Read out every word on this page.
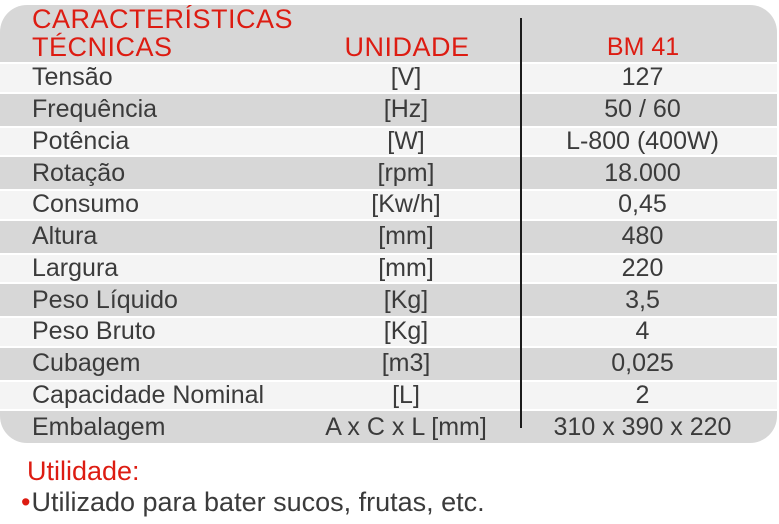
CARACTERÍSTICAS
TÉCNICAS	UNIDADE	BM 41
Tensão	[V]	127
Frequência	[Hz]	50 / 60
Potência	[W]	L-800 (400W)
Rotação	[rpm]	18.000
Consumo	[Kw/h]	0,45
Altura	[mm]	480
Largura	[mm]	220
Peso Líquido	[Kg]	3,5
Peso Bruto	[Kg]	4
Cubagem	[m3]	0,025
Capacidade Nominal	[L]	2
Embalagem	A x C x L [mm]	310 x 390 x 220
Utilidade:
•Utilizado para bater sucos, frutas, etc.
